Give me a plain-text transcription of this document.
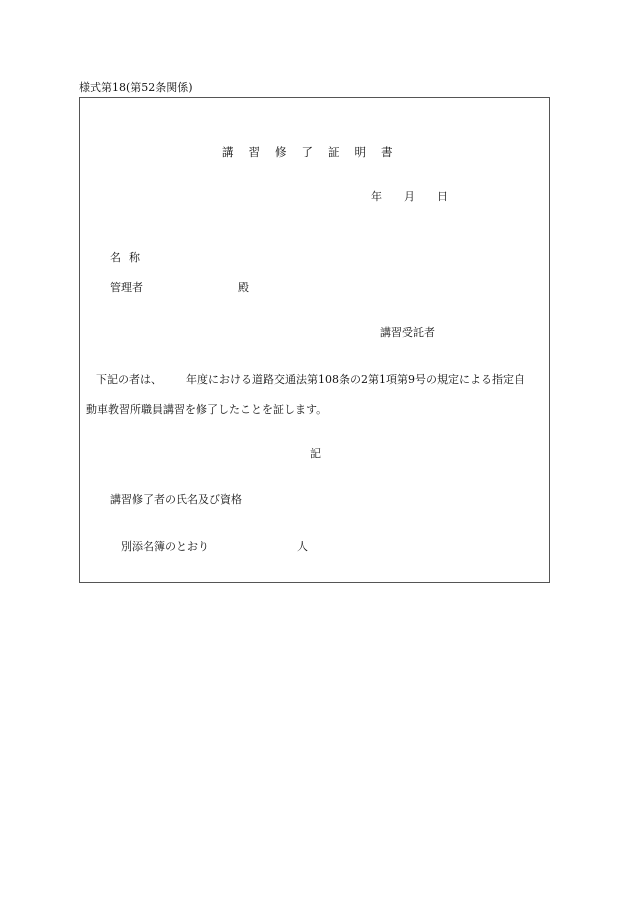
様式第18(第52条関係)
講習修了証明書
年 月 日
名称
管理者	殿
講習受託者
下記の者は、 年度における道路交通法第108条の2第1項第9号の規定による指定自
動車教習所職員講習を修了したことを証します。
記
講習修了者の氏名及び資格
別添名簿のとおり	人
